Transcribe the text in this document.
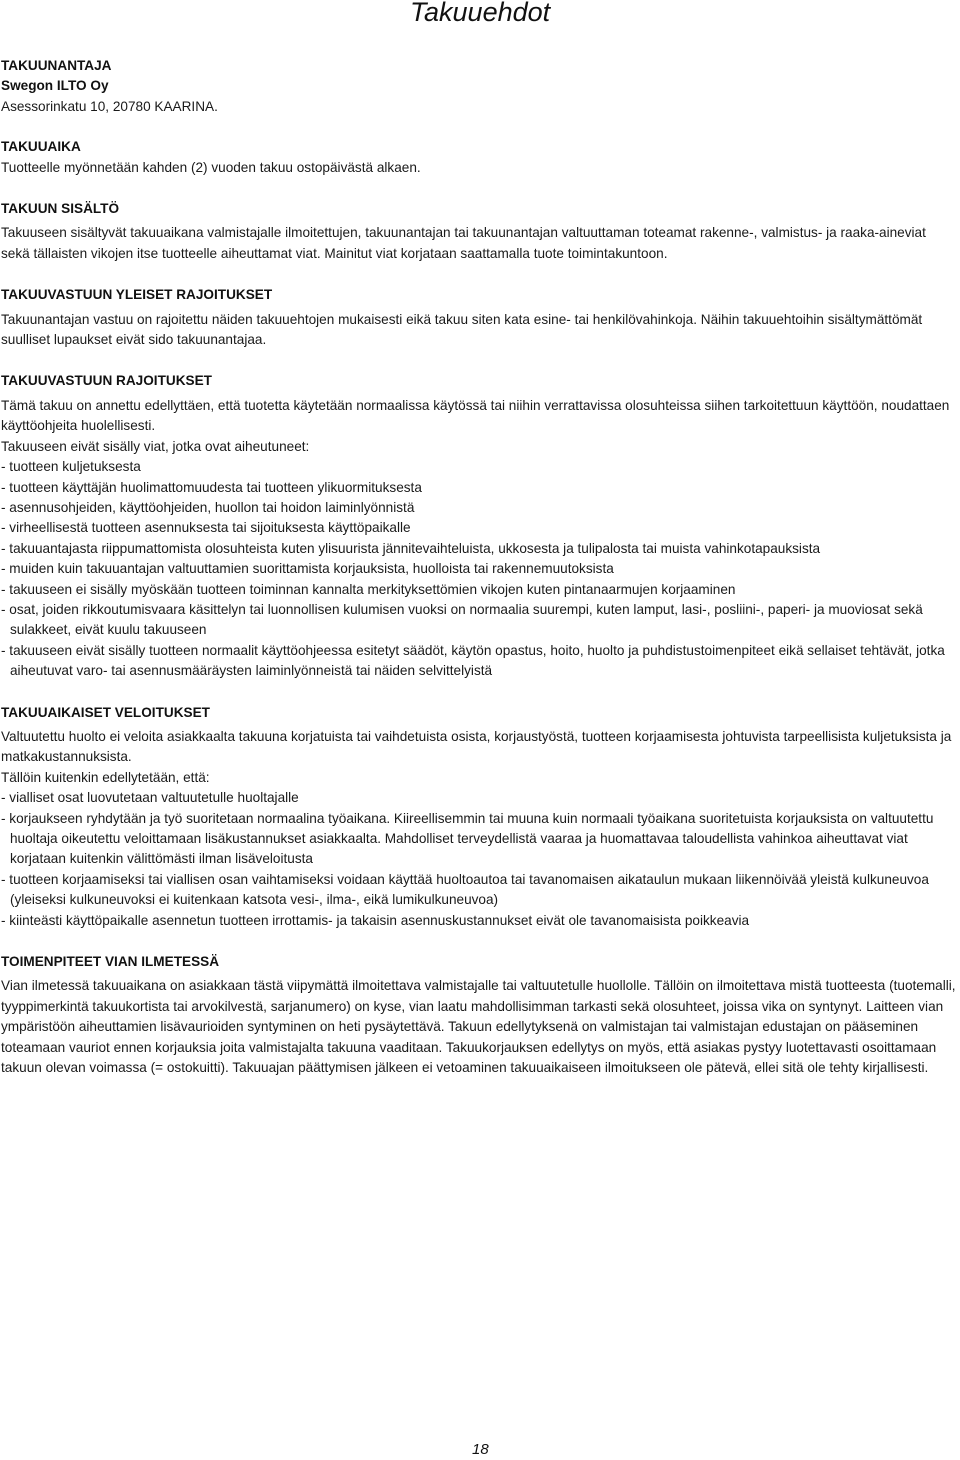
Takuuehdot
TAKUUNANTAJA

Swegon ILTO Oy

Asessorinkatu 10, 20780 KAARINA.

TAKUUAIKA

Tuotteelle myönnetään kahden (2) vuoden takuu ostopäivästä alkaen.

TAKUUN SISÄLTÖ

Takuuseen sisältyvät takuuaikana valmistajalle ilmoitettujen, takuunantajan tai takuunantajan valtuuttaman toteamat rakenne-, valmistus- ja raaka-aineviat sekä tällaisten vikojen itse tuotteelle aiheuttamat viat. Mainitut viat korjataan saattamalla tuote toimintakuntoon.

TAKUUVASTUUN YLEISET RAJOITUKSET

Takuunantajan vastuu on rajoitettu näiden takuuehtojen mukaisesti eikä takuu siten kata esine- tai henkilövahinkoja. Näihin takuuehtoihin sisältymättömät suulliset lupaukset eivät sido takuunantajaa.

TAKUUVASTUUN RAJOITUKSET

Tämä takuu on annettu edellyttäen, että tuotetta käytetään normaalissa käytössä tai niihin verrattavissa olosuhteissa siihen tarkoitettuun käyttöön, noudattaen käyttöohjeita huolellisesti.

Takuuseen eivät sisälly viat, jotka ovat aiheutuneet:

- tuotteen kuljetuksesta

- tuotteen käyttäjän huolimattomuudesta tai tuotteen ylikuormituksesta

- asennusohjeiden, käyttöohjeiden, huollon tai hoidon laiminlyönnistä

- virheellisestä tuotteen asennuksesta tai sijoituksesta käyttöpaikalle

- takuuantajasta riippumattomista olosuhteista kuten ylisuurista jännitevaihteluista, ukkosesta ja tulipalosta tai muista vahinkotapauksista

- muiden kuin takuuantajan valtuuttamien suorittamista korjauksista, huolloista tai rakennemuutoksista

- takuuseen ei sisälly myöskään tuotteen toiminnan kannalta merkityksettömien vikojen kuten pintanaarmujen korjaaminen

- osat, joiden rikkoutumisvaara käsittelyn tai luonnollisen kulumisen vuoksi on normaalia suurempi, kuten lamput, lasi-, posliini-, paperi- ja muoviosat sekä sulakkeet, eivät kuulu takuuseen

- takuuseen eivät sisälly tuotteen normaalit käyttöohjeessa esitetyt säädöt, käytön opastus, hoito, huolto ja puhdistustoimenpiteet eikä sellaiset tehtävät, jotka aiheutuvat varo- tai asennusmääräysten laiminlyönneistä tai näiden selvittelyistä

TAKUUAIKAISET VELOITUKSET

Valtuutettu huolto ei veloita asiakkaalta takuuna korjatuista tai vaihdetuista osista, korjaustyöstä, tuotteen korjaamisesta johtuvista tarpeellisista kuljetuksista ja matkakustannuksista.

Tällöin kuitenkin edellytetään, että:

- vialliset osat luovutetaan valtuutetulle huoltajalle

- korjaukseen ryhdytään ja työ suoritetaan normaalina työaikana. Kiireellisemmin tai muuna kuin normaali työaikana suoritetuista korjauksista on valtuutettu huoltaja oikeutettu veloittamaan lisäkustannukset asiakkaalta. Mahdolliset terveydellistä vaaraa ja huomattavaa taloudellista vahinkoa aiheuttavat viat korjataan kuitenkin välittömästi ilman lisäveloitusta

- tuotteen korjaamiseksi tai viallisen osan vaihtamiseksi voidaan käyttää huoltoautoa tai tavanomaisen aikataulun mukaan liikennöivää yleistä kulkuneuvoa (yleiseksi kulkuneuvoksi ei kuitenkaan katsota vesi-, ilma-, eikä lumikulkuneuvoa)

- kiinteästi käyttöpaikalle asennetun tuotteen irrottamis- ja takaisin asennuskustannukset eivät ole tavanomaisista poikkeavia

TOIMENPITEET VIAN ILMETESSÄ

Vian ilmetessä takuuaikana on asiakkaan tästä viipymättä ilmoitettava valmistajalle tai valtuutetulle huollolle. Tällöin on ilmoitettava mistä tuotteesta (tuotemalli, tyyppimerkintä takuukortista tai arvokilvestä, sarjanumero) on kyse, vian laatu mahdollisimman tarkasti sekä olosuhteet, joissa vika on syntynyt. Laitteen vian ympäristöön aiheuttamien lisävaurioiden syntyminen on heti pysäytettävä. Takuun edellytyksenä on valmistajan tai valmistajan edustajan on pääseminen toteamaan vauriot ennen korjauksia joita valmistajalta takuuna vaaditaan. Takuukorjauksen edellytys on myös, että asiakas pystyy luotettavasti osoittamaan takuun olevan voimassa (= ostokuitti). Takuuajan päättymisen jälkeen ei vetoaminen takuuaikaiseen ilmoitukseen ole pätevä, ellei sitä ole tehty kirjallisesti.

18
